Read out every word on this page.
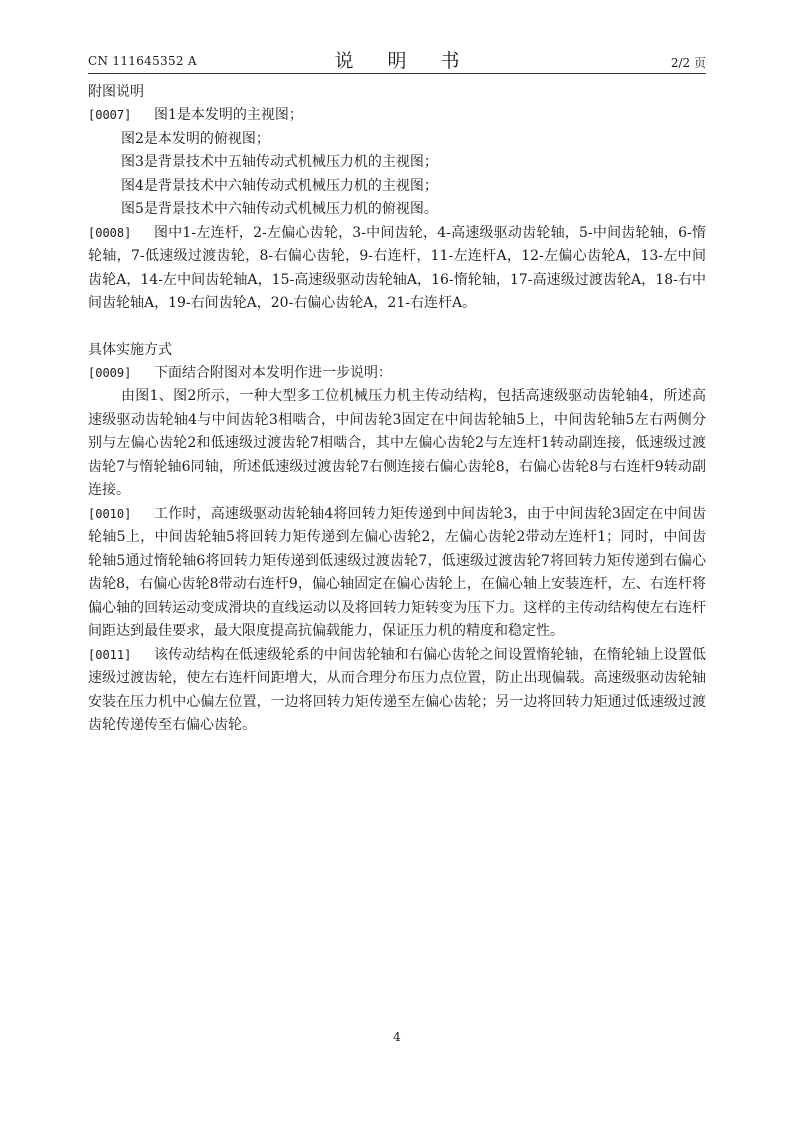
CN 111645352 A	说 明 书	2/2 页
附图说明
[0007] 图1是本发明的主视图；
图2是本发明的俯视图；
图3是背景技术中五轴传动式机械压力机的主视图；
图4是背景技术中六轴传动式机械压力机的主视图；
图5是背景技术中六轴传动式机械压力机的俯视图。
[0008] 图中1-左连杆，2-左偏心齿轮，3-中间齿轮，4-高速级驱动齿轮轴，5-中间齿轮轴，6-惰轮轴，7-低速级过渡齿轮，8-右偏心齿轮，9-右连杆，11-左连杆A，12-左偏心齿轮A，13-左中间齿轮A，14-左中间齿轮轴A，15-高速级驱动齿轮轴A，16-惰轮轴，17-高速级过渡齿轮A，18-右中间齿轮轴A，19-右间齿轮A，20-右偏心齿轮A，21-右连杆A。
具体实施方式
[0009] 下面结合附图对本发明作进一步说明：
由图1、图2所示，一种大型多工位机械压力机主传动结构，包括高速级驱动齿轮轴4，所述高速级驱动齿轮轴4与中间齿轮3相啮合，中间齿轮3固定在中间齿轮轴5上，中间齿轮轴5左右两侧分别与左偏心齿轮2和低速级过渡齿轮7相啮合，其中左偏心齿轮2与左连杆1转动副连接，低速级过渡齿轮7与惰轮轴6同轴，所述低速级过渡齿轮7右侧连接右偏心齿轮8，右偏心齿轮8与右连杆9转动副连接。
[0010] 工作时，高速级驱动齿轮轴4将回转力矩传递到中间齿轮3，由于中间齿轮3固定在中间齿轮轴5上，中间齿轮轴5将回转力矩传递到左偏心齿轮2，左偏心齿轮2带动左连杆1；同时，中间齿轮轴5通过惰轮轴6将回转力矩传递到低速级过渡齿轮7，低速级过渡齿轮7将回转力矩传递到右偏心齿轮8，右偏心齿轮8带动右连杆9，偏心轴固定在偏心齿轮上，在偏心轴上安装连杆，左、右连杆将偏心轴的回转运动变成滑块的直线运动以及将回转力矩转变为压下力。这样的主传动结构使左右连杆间距达到最佳要求，最大限度提高抗偏载能力，保证压力机的精度和稳定性。
[0011] 该传动结构在低速级轮系的中间齿轮轴和右偏心齿轮之间设置惰轮轴，在惰轮轴上设置低速级过渡齿轮，使左右连杆间距增大，从而合理分布压力点位置，防止出现偏载。高速级驱动齿轮轴安装在压力机中心偏左位置，一边将回转力矩传递至左偏心齿轮；另一边将回转力矩通过低速级过渡齿轮传递传至右偏心齿轮。
4
